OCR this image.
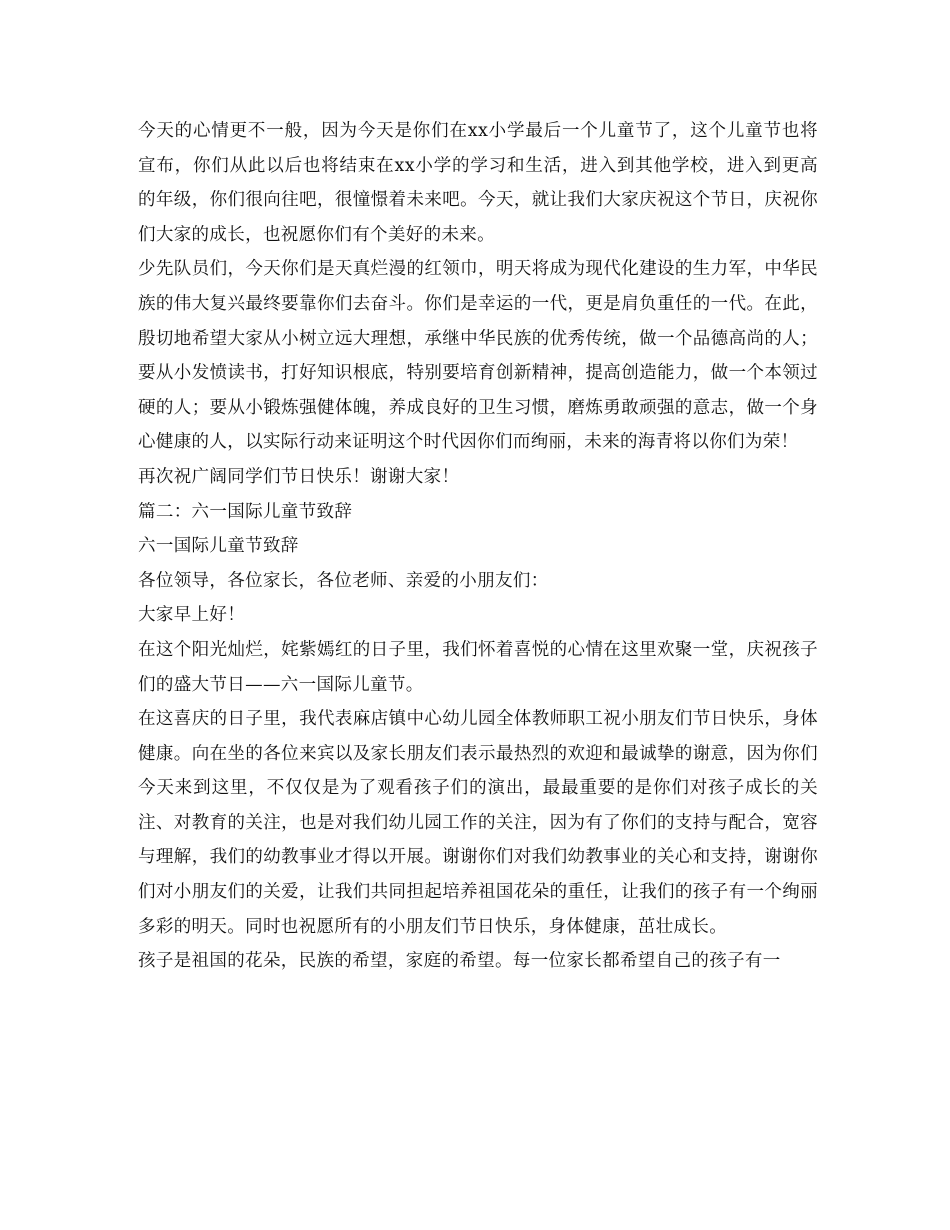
今天的心情更不一般，因为今天是你们在xx小学最后一个儿童节了，这个儿童节也将宣布，你们从此以后也将结束在xx小学的学习和生活，进入到其他学校，进入到更高的年级，你们很向往吧，很憧憬着未来吧。今天，就让我们大家庆祝这个节日，庆祝你们大家的成长，也祝愿你们有个美好的未来。

少先队员们，今天你们是天真烂漫的红领巾，明天将成为现代化建设的生力军，中华民族的伟大复兴最终要靠你们去奋斗。你们是幸运的一代，更是肩负重任的一代。在此，殷切地希望大家从小树立远大理想，承继中华民族的优秀传统，做一个品德高尚的人；要从小发愤读书，打好知识根底，特别要培育创新精神，提高创造能力，做一个本领过硬的人；要从小锻炼强健体魄，养成良好的卫生习惯，磨炼勇敢顽强的意志，做一个身心健康的人，以实际行动来证明这个时代因你们而绚丽，未来的海青将以你们为荣！

再次祝广阔同学们节日快乐！谢谢大家！

篇二：六一国际儿童节致辞

六一国际儿童节致辞

各位领导，各位家长，各位老师、亲爱的小朋友们：

大家早上好！

在这个阳光灿烂，姹紫嫣红的日子里，我们怀着喜悦的心情在这里欢聚一堂，庆祝孩子们的盛大节日——六一国际儿童节。

在这喜庆的日子里，我代表麻店镇中心幼儿园全体教师职工祝小朋友们节日快乐，身体健康。向在坐的各位来宾以及家长朋友们表示最热烈的欢迎和最诚挚的谢意，因为你们今天来到这里，不仅仅是为了观看孩子们的演出，最最重要的是你们对孩子成长的关注、对教育的关注，也是对我们幼儿园工作的关注，因为有了你们的支持与配合，宽容与理解，我们的幼教事业才得以开展。谢谢你们对我们幼教事业的关心和支持，谢谢你们对小朋友们的关爱，让我们共同担起培养祖国花朵的重任，让我们的孩子有一个绚丽多彩的明天。同时也祝愿所有的小朋友们节日快乐，身体健康，茁壮成长。

孩子是祖国的花朵，民族的希望，家庭的希望。每一位家长都希望自己的孩子有一
